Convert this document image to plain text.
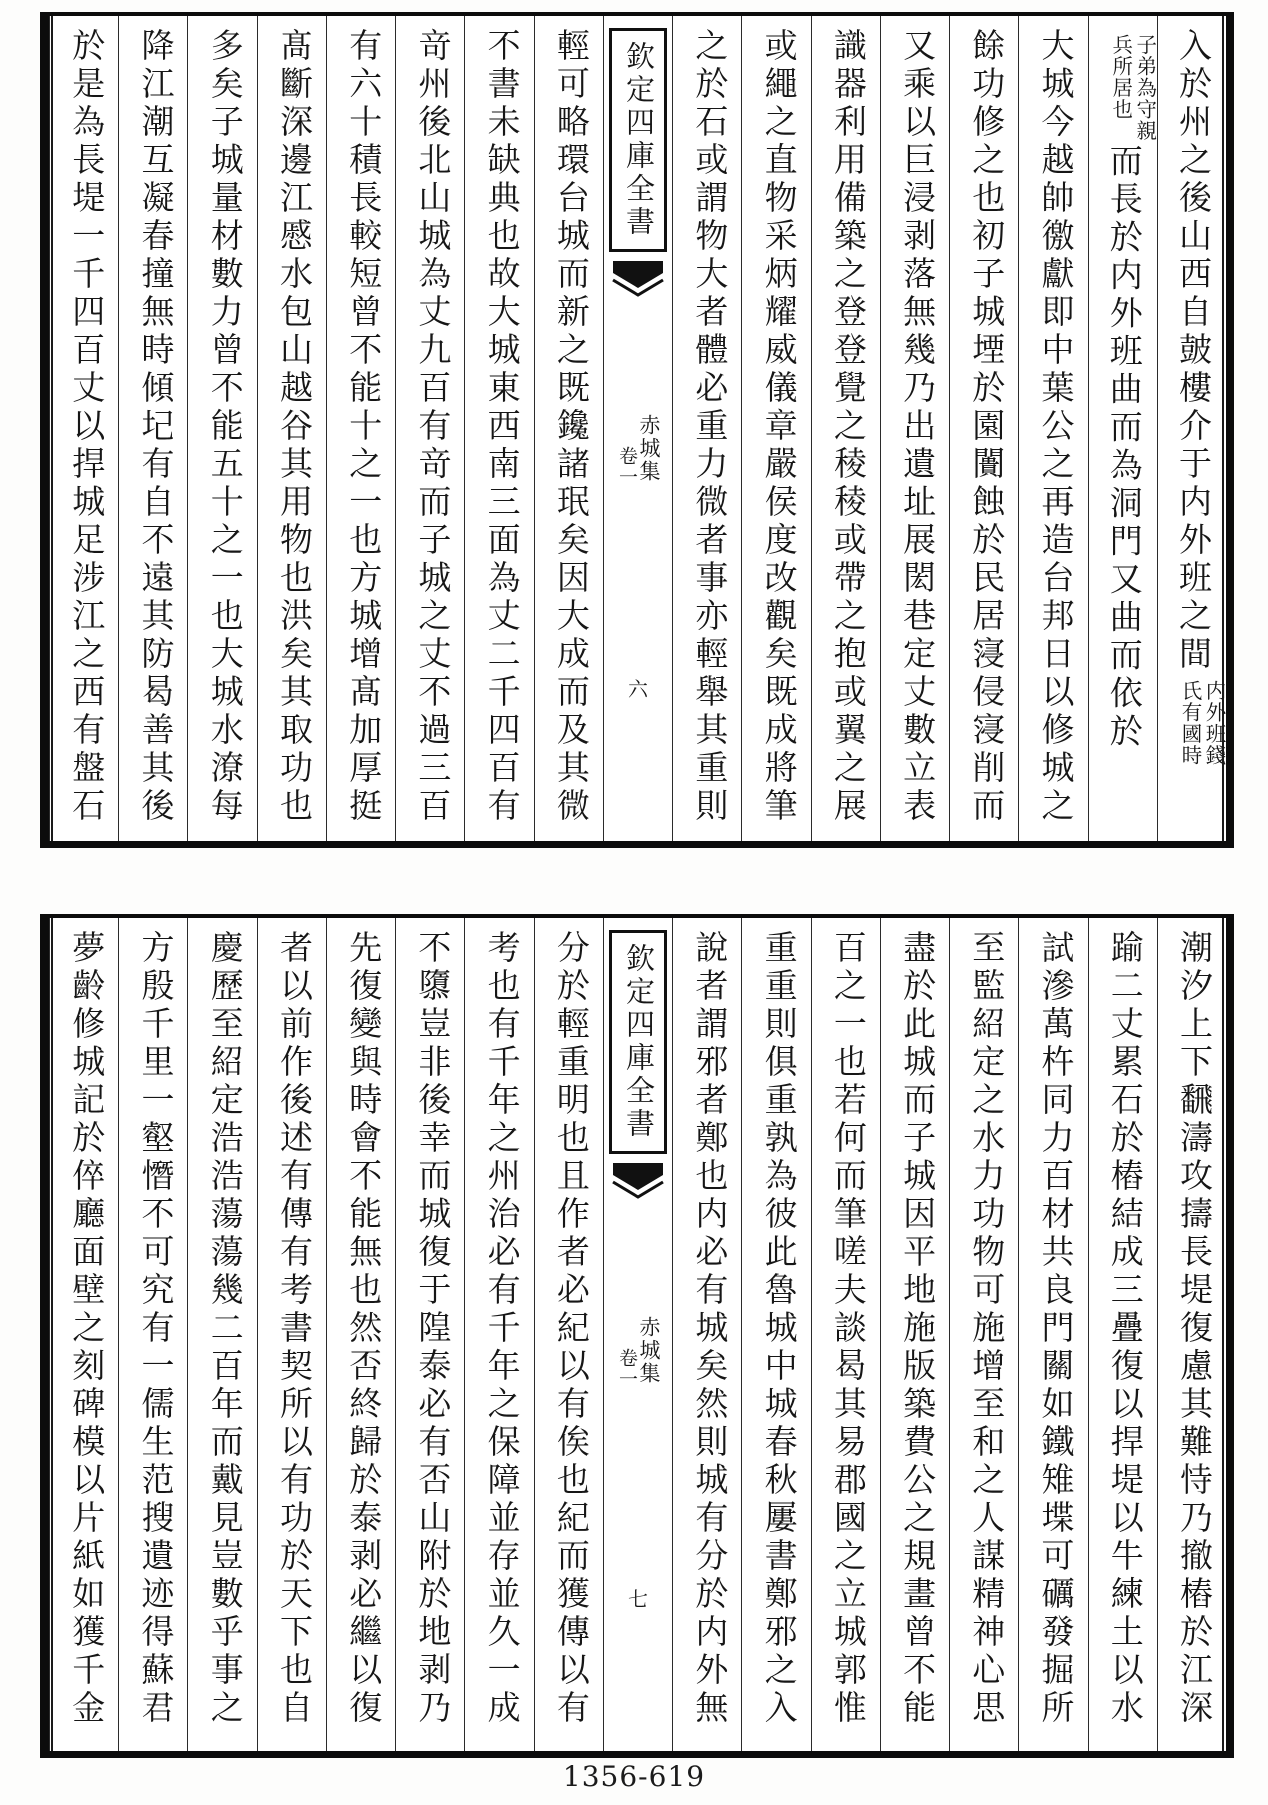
入於州之後山西自皷樓介于内外班之間
内外班錢
氏有國時
子弟為守親
兵所居也
而長於内外班曲而為洞門又曲而依於
大城今越帥徼獻即中葉公之再造台邦日以修城之
餘功修之也初子城堙於園闠蝕於民居寖侵寖削而
又乘以巨浸剥落無幾乃出遺址展閎巷定丈數立表
識器利用備築之登登覺之稜稜或帶之抱或翼之展
或繩之直物采炳耀威儀章嚴侯度改觀矣既成將筆
之於石或謂物大者體必重力微者事亦輕舉其重則
欽定四庫全書
赤城集
卷一
六
輕可略環台城而新之既鑱諸珉矣因大成而及其微
不書未缺典也故大城東西南三面為丈二千四百有
竒州後北山城為丈九百有竒而子城之丈不過三百
有六十積長較短曾不能十之一也方城增髙加厚挺
髙斷深邊江慼水包山越谷其用物也洪矣其取功也
多矣子城量材數力曾不能五十之一也大城水潦每
降江潮互凝春撞無時傾圮有自不遠其防曷善其後
於是為長堤一千四百丈以捍城足涉江之西有盤石
潮汐上下飜濤攻擣長堤復慮其難恃乃撤樁於江深
踰二丈累石於樁結成三疊復以捍堤以牛練土以水
試滲萬杵同力百材共良門關如鐵雉堞可礪發掘所
至監紹定之水力功物可施增至和之人謀精神心思
盡於此城而子城因平地施版築費公之規畫曾不能
百之一也若何而筆嗟夫談曷其易郡國之立城郭惟
重重則俱重孰為彼此魯城中城春秋屢書鄭邪之入
說者謂邪者鄭也内必有城矣然則城有分於内外無
欽定四庫全書
赤城集
卷一
七
分於輕重明也且作者必紀以有俟也紀而獲傳以有
考也有千年之州治必有千年之保障並存並久一成
不隳豈非後幸而城復于隍泰必有否山附於地剥乃
先復變與時會不能無也然否終歸於泰剥必繼以復
者以前作後述有傳有考書契所以有功於天下也自
慶歷至紹定浩浩蕩蕩幾二百年而戴見豈數乎事之
方殷千里一壑憯不可究有一儒生范搜遺迹得蘇君
夢齡修城記於倅廳面壁之刻碑模以片紙如獲千金
1356-619
